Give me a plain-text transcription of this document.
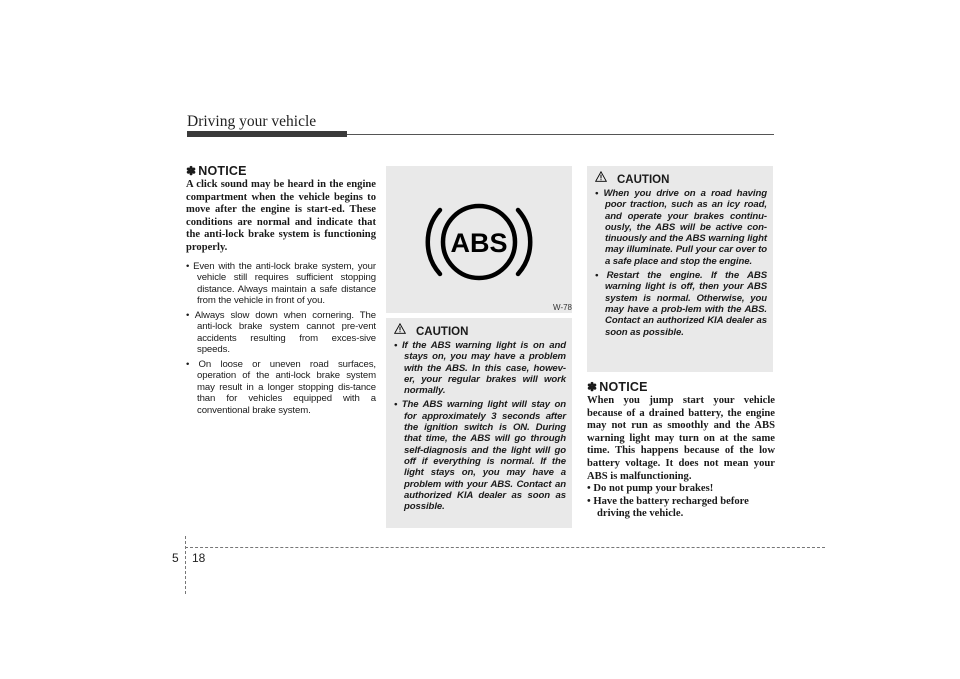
Driving your vehicle
✽ NOTICE

A click sound may be heard in the engine compartment when the vehicle begins to move after the engine is start-ed. These conditions are normal and indicate that the anti-lock brake system is functioning properly.

• Even with the anti-lock brake system, your vehicle still requires sufficient stopping distance. Always maintain a safe distance from the vehicle in front of you.
• Always slow down when cornering. The anti-lock brake system cannot pre-vent accidents resulting from exces-sive speeds.
• On loose or uneven road surfaces, operation of the anti-lock brake system may result in a longer stopping dis-tance than for vehicles equipped with a conventional brake system.
ABS
W-78
CAUTION
• If the ABS warning light is on and stays on, you may have a problem with the ABS. In this case, howev-er, your regular brakes will work normally.
• The ABS warning light will stay on for approximately 3 seconds after the ignition switch is ON. During that time, the ABS will go through self-diagnosis and the light will go off if everything is normal. If the light stays on, you may have a problem with your ABS. Contact an authorized KIA dealer as soon as possible.
CAUTION
• When you drive on a road having poor traction, such as an icy road, and operate your brakes continu-ously, the ABS will be active con-tinuously and the ABS warning light may illuminate. Pull your car over to a safe place and stop the engine.
• Restart the engine. If the ABS warning light is off, then your ABS system is normal. Otherwise, you may have a prob-lem with the ABS. Contact an authorized KIA dealer as soon as possible.
✽ NOTICE

When you jump start your vehicle because of a drained battery, the engine may not run as smoothly and the ABS warning light may turn on at the same time. This happens because of the low battery voltage. It does not mean your ABS is malfunctioning.

• Do not pump your brakes!
• Have the battery recharged before driving the vehicle.
5 18
